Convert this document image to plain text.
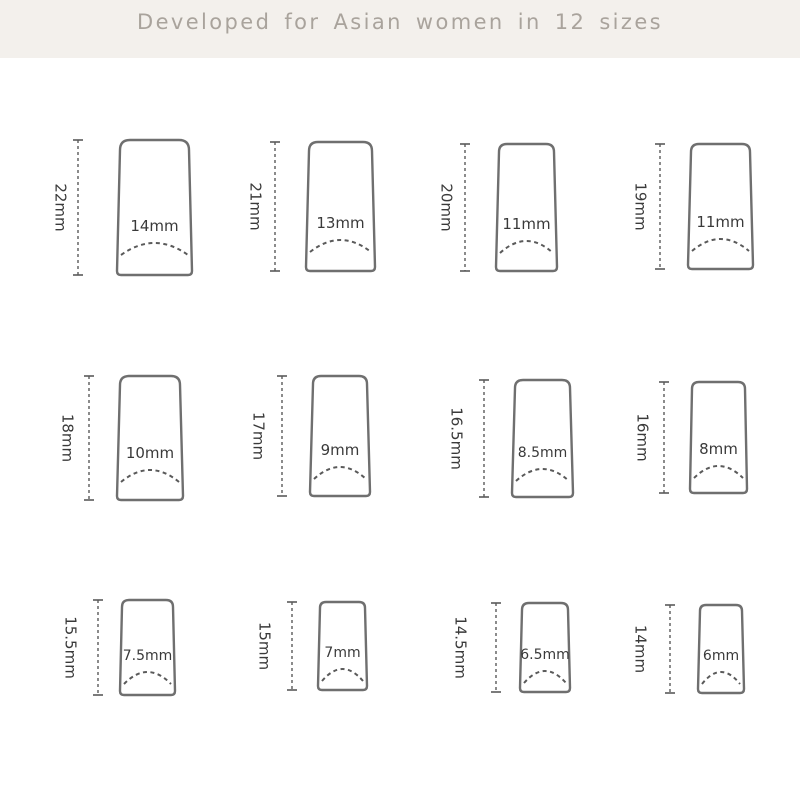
Developed for Asian women in 12 sizes
14mm
22mm	13mm
21mm	11mm
20mm	11mm
19mm
10mm
18mm	9mm
17mm	8.5mm
16.5mm	8mm
16mm
7.5mm
15.5mm	7mm
15mm	6.5mm
14.5mm	6mm
14mm
